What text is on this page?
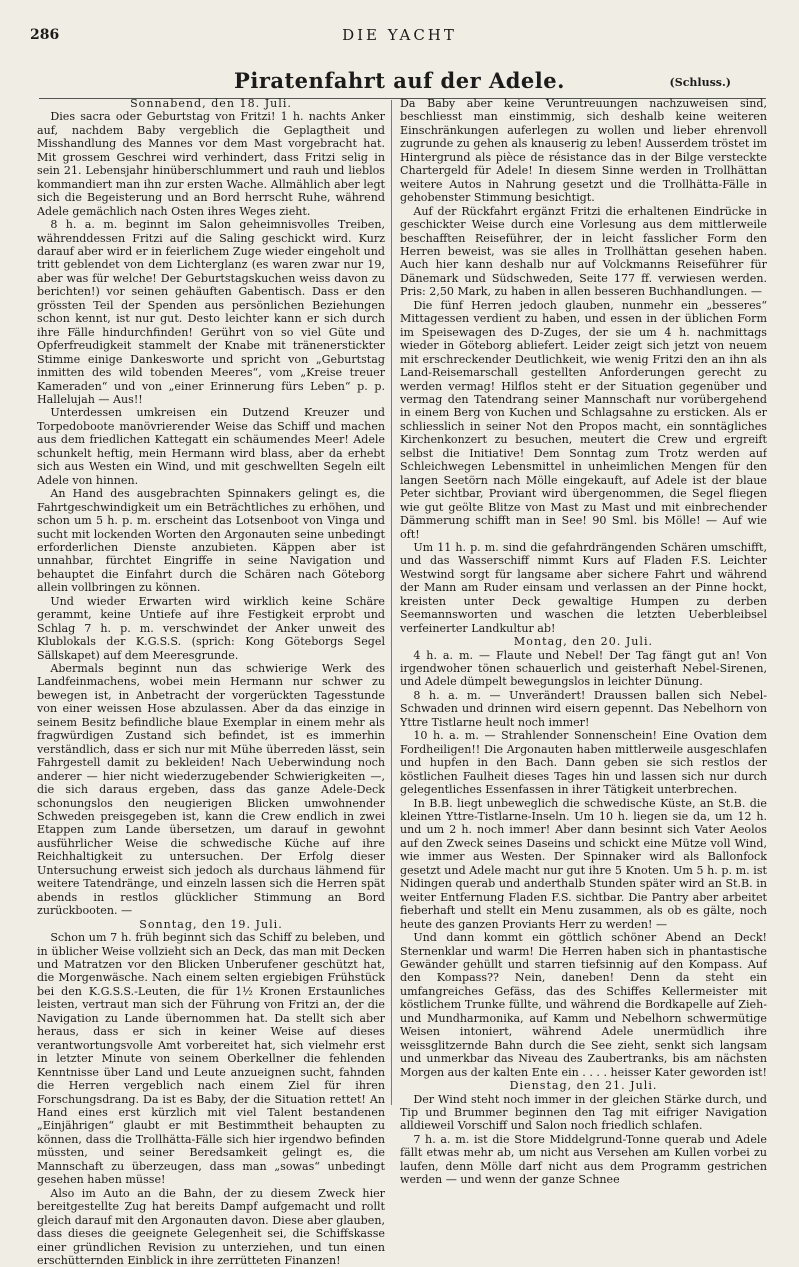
286	DIE YACHT
Piratenfahrt auf der Adele.	(Schluss.)

Sonnabend, den 18. Juli.

Dies sacra oder Geburtstag von Fritzi! 1 h. nachts Anker auf, nachdem Baby vergeblich die Geplagtheit und Misshandlung des Mannes vor dem Mast vorgebracht hat. Mit grossem Geschrei wird verhindert, dass Fritzi selig in sein 21. Lebensjahr hinüberschlummert und rauh und lieblos kommandiert man ihn zur ersten Wache. Allmählich aber legt sich die Begeisterung und an Bord herrscht Ruhe, während Adele gemächlich nach Osten ihres Weges zieht.

8 h. a. m. beginnt im Salon geheimnisvolles Treiben, währenddessen Fritzi auf die Saling geschickt wird. Kurz darauf aber wird er in feierlichem Zuge wieder eingeholt und tritt geblendet von dem Lichterglanz (es waren zwar nur 19, aber was für welche! Der Geburtstagskuchen weiss davon zu berichten!) vor seinen gehäuften Gabentisch. Dass er den grössten Teil der Spenden aus persönlichen Beziehungen schon kennt, ist nur gut. Desto leichter kann er sich durch ihre Fälle hindurchfinden! Gerührt von so viel Güte und Opferfreudigkeit stammelt der Knabe mit tränenerstickter Stimme einige Dankesworte und spricht von „Geburtstag inmitten des wild tobenden Meeres“, vom „Kreise treuer Kameraden“ und von „einer Erinnerung fürs Leben“ p. p. Hallelujah — Aus!!

Unterdessen umkreisen ein Dutzend Kreuzer und Torpedoboote manövrierender Weise das Schiff und machen aus dem friedlichen Kattegatt ein schäumendes Meer! Adele schunkelt heftig, mein Hermann wird blass, aber da erhebt sich aus Westen ein Wind, und mit geschwellten Segeln eilt Adele von hinnen.

An Hand des ausgebrachten Spinnakers gelingt es, die Fahrtgeschwindigkeit um ein Beträchtliches zu erhöhen, und schon um 5 h. p. m. erscheint das Lotsenboot von Vinga und sucht mit lockenden Worten den Argonauten seine unbedingt erforderlichen Dienste anzubieten. Käppen aber ist unnahbar, fürchtet Eingriffe in seine Navigation und behauptet die Einfahrt durch die Schären nach Göteborg allein vollbringen zu können.

Und wieder Erwarten wird wirklich keine Schäre gerammt, keine Untiefe auf ihre Festigkeit erprobt und Schlag 7 h. p. m. verschwindet der Anker unweit des Klublokals der K.G.S.S. (sprich: Kong Göteborgs Segel Sällskapet) auf dem Meeresgrunde.

Abermals beginnt nun das schwierige Werk des Landfeinmachens, wobei mein Hermann nur schwer zu bewegen ist, in Anbetracht der vorgerückten Tagesstunde von einer weissen Hose abzulassen. Aber da das einzige in seinem Besitz befindliche blaue Exemplar in einem mehr als fragwürdigen Zustand sich befindet, ist es immerhin verständlich, dass er sich nur mit Mühe überreden lässt, sein Fahrgestell damit zu bekleiden! Nach Ueberwindung noch anderer — hier nicht wiederzugebender Schwierigkeiten —, die sich daraus ergeben, dass das ganze Adele-Deck schonungslos den neugierigen Blicken umwohnender Schweden preisgegeben ist, kann die Crew endlich in zwei Etappen zum Lande übersetzen, um darauf in gewohnt ausführlicher Weise die schwedische Küche auf ihre Reichhaltigkeit zu untersuchen. Der Erfolg dieser Untersuchung erweist sich jedoch als durchaus lähmend für weitere Tatendränge, und einzeln lassen sich die Herren spät abends in restlos glücklicher Stimmung an Bord zurückbooten. —

Sonntag, den 19. Juli.

Schon um 7 h. früh beginnt sich das Schiff zu beleben, und in üblicher Weise vollzieht sich an Deck, das man mit Decken und Matratzen vor den Blicken Unberufener geschützt hat, die Morgenwäsche. Nach einem selten ergiebigen Frühstück bei den K.G.S.S.-Leuten, die für 1½ Kronen Erstaunliches leisten, vertraut man sich der Führung von Fritzi an, der die Navigation zu Lande übernommen hat. Da stellt sich aber heraus, dass er sich in keiner Weise auf dieses verantwortungsvolle Amt vorbereitet hat, sich vielmehr erst in letzter Minute von seinem Oberkellner die fehlenden Kenntnisse über Land und Leute anzueignen sucht, fahnden die Herren vergeblich nach einem Ziel für ihren Forschungsdrang. Da ist es Baby, der die Situation rettet! An Hand eines erst kürzlich mit viel Talent bestandenen „Einjährigen“ glaubt er mit Bestimmtheit behaupten zu können, dass die Trollhätta-Fälle sich hier irgendwo befinden müssten, und seiner Beredsamkeit gelingt es, die Mannschaft zu überzeugen, dass man „sowas“ unbedingt gesehen haben müsse!

Also im Auto an die Bahn, der zu diesem Zweck hier bereitgestellte Zug hat bereits Dampf aufgemacht und rollt gleich darauf mit den Argonauten davon. Diese aber glauben, dass dieses die geeignete Gelegenheit sei, die Schiffskasse einer gründlichen Revision zu unterziehen, und tun einen erschütternden Einblick in ihre zerrütteten Finanzen!

Da Baby aber keine Veruntreuungen nachzuweisen sind, beschliesst man einstimmig, sich deshalb keine weiteren Einschränkungen auferlegen zu wollen und lieber ehrenvoll zugrunde zu gehen als knauserig zu leben! Ausserdem tröstet im Hintergrund als pièce de résistance das in der Bilge versteckte Chartergeld für Adele! In diesem Sinne werden in Trollhättan weitere Autos in Nahrung gesetzt und die Trollhätta-Fälle in gehobenster Stimmung besichtigt.

Auf der Rückfahrt ergänzt Fritzi die erhaltenen Eindrücke in geschickter Weise durch eine Vorlesung aus dem mittlerweile beschafften Reiseführer, der in leicht fasslicher Form den Herren beweist, was sie alles in Trollhättan gesehen haben. Auch hier kann deshalb nur auf Volckmanns Reiseführer für Dänemark und Südschweden, Seite 177 ff. verwiesen werden. Pris: 2,50 Mark, zu haben in allen besseren Buchhandlungen. —

Die fünf Herren jedoch glauben, nunmehr ein „besseres“ Mittagessen verdient zu haben, und essen in der üblichen Form im Speisewagen des D-Zuges, der sie um 4 h. nachmittags wieder in Göteborg abliefert. Leider zeigt sich jetzt von neuem mit erschreckender Deutlichkeit, wie wenig Fritzi den an ihn als Land-Reisemarschall gestellten Anforderungen gerecht zu werden vermag! Hilflos steht er der Situation gegenüber und vermag den Tatendrang seiner Mannschaft nur vorübergehend in einem Berg von Kuchen und Schlagsahne zu ersticken. Als er schliesslich in seiner Not den Propos macht, ein sonntägliches Kirchenkonzert zu besuchen, meutert die Crew und ergreift selbst die Initiative! Dem Sonntag zum Trotz werden auf Schleichwegen Lebensmittel in unheimlichen Mengen für den langen Seetörn nach Mölle eingekauft, auf Adele ist der blaue Peter sichtbar, Proviant wird übergenommen, die Segel fliegen wie gut geölte Blitze von Mast zu Mast und mit einbrechender Dämmerung schifft man in See! 90 Sml. bis Mölle! — Auf wie oft!

Um 11 h. p. m. sind die gefahrdrängenden Schären umschifft, und das Wasserschiff nimmt Kurs auf Fladen F.S. Leichter Westwind sorgt für langsame aber sichere Fahrt und während der Mann am Ruder einsam und verlassen an der Pinne hockt, kreisten unter Deck gewaltige Humpen zu derben Seemannsworten und waschen die letzten Ueberbleibsel verfeinerter Landkultur ab!

Montag, den 20. Juli.

4 h. a. m. — Flaute und Nebel! Der Tag fängt gut an! Von irgendwoher tönen schauerlich und geisterhaft Nebel-Sirenen, und Adele dümpelt bewegungslos in leichter Dünung.

8 h. a. m. — Unverändert! Draussen ballen sich Nebel-Schwaden und drinnen wird eisern gepennt. Das Nebelhorn von Yttre Tistlarne heult noch immer!

10 h. a. m. — Strahlender Sonnenschein! Eine Ovation dem Fordheiligen!! Die Argonauten haben mittlerweile ausgeschlafen und hupfen in den Bach. Dann geben sie sich restlos der köstlichen Faulheit dieses Tages hin und lassen sich nur durch gelegentliches Essenfassen in ihrer Tätigkeit unterbrechen.

In B.B. liegt unbeweglich die schwedische Küste, an St.B. die kleinen Yttre-Tistlarne-Inseln. Um 10 h. liegen sie da, um 12 h. und um 2 h. noch immer! Aber dann besinnt sich Vater Aeolos auf den Zweck seines Daseins und schickt eine Mütze voll Wind, wie immer aus Westen. Der Spinnaker wird als Ballonfock gesetzt und Adele macht nur gut ihre 5 Knoten. Um 5 h. p. m. ist Nidingen querab und anderthalb Stunden später wird an St.B. in weiter Entfernung Fladen F.S. sichtbar. Die Pantry aber arbeitet fieberhaft und stellt ein Menu zusammen, als ob es gälte, noch heute des ganzen Proviants Herr zu werden! —

Und dann kommt ein göttlich schöner Abend an Deck! Sternenklar und warm! Die Herren haben sich in phantastische Gewänder gehüllt und starren tiefsinnig auf den Kompass. Auf den Kompass?? Nein, daneben! Denn da steht ein umfangreiches Gefäss, das des Schiffes Kellermeister mit köstlichem Trunke füllte, und während die Bordkapelle auf Zieh- und Mundharmonika, auf Kamm und Nebelhorn schwermütige Weisen intoniert, während Adele unermüdlich ihre weissglitzernde Bahn durch die See zieht, senkt sich langsam und unmerkbar das Niveau des Zaubertranks, bis am nächsten Morgen aus der kalten Ente ein . . . . heisser Kater geworden ist!

Dienstag, den 21. Juli.

Der Wind steht noch immer in der gleichen Stärke durch, und Tip und Brummer beginnen den Tag mit eifriger Navigation alldieweil Vorschiff und Salon noch friedlich schlafen.

7 h. a. m. ist die Store Middelgrund-Tonne querab und Adele fällt etwas mehr ab, um nicht aus Versehen am Kullen vorbei zu laufen, denn Mölle darf nicht aus dem Programm gestrichen werden — und wenn der ganze Schnee
